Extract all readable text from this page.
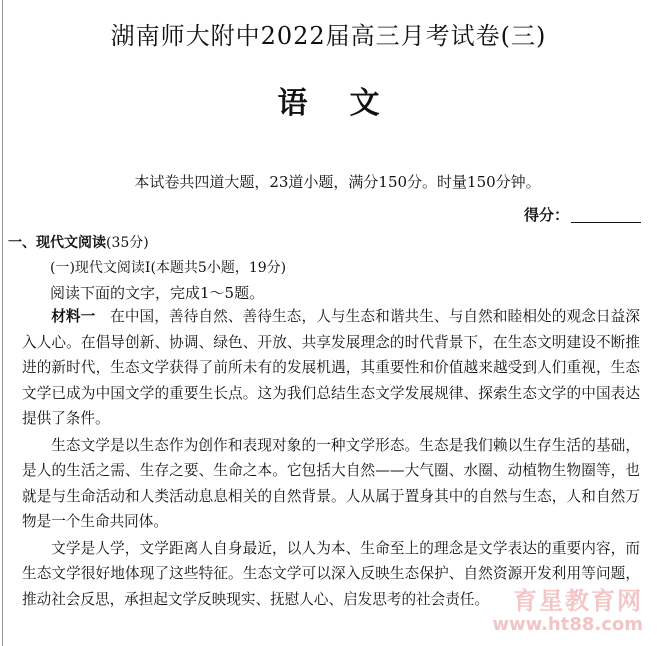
湖南师大附中2022届高三月考试卷(三)
语文
本试卷共四道大题，23道小题，满分150分。时量150分钟。
得分：
一、现代文阅读(35分)
(一)现代文阅读Ⅰ(本题共5小题，19分)
阅读下面的文字，完成1～5题。

材料一　 在中国，善待自然、善待生态，人与生态和谐共生、与自然和睦相处的观念日益深入人心。在倡导创新、协调、绿色、开放、共享发展理念的时代背景下，在生态文明建设不断推进的新时代，生态文学获得了前所未有的发展机遇，其重要性和价值越来越受到人们重视，生态文学已成为中国文学的重要生长点。这为我们总结生态文学发展规律、探索生态文学的中国表达提供了条件。

生态文学是以生态作为创作和表现对象的一种文学形态。生态是我们赖以生存生活的基础，是人的生活之需、生存之要、生命之本。它包括大自然——大气圈、水圈、动植物生物圈等，也就是与生命活动和人类活动息息相关的自然背景。人从属于置身其中的自然与生态，人和自然万物是一个生命共同体。

文学是人学，文学距离人自身最近，以人为本、生命至上的理念是文学表达的重要内容，而生态文学很好地体现了这些特征。生态文学可以深入反映生态保护、自然资源开发利用等问题，推动社会反思，承担起文学反映现实、抚慰人心、启发思考的社会责任。 育星教育网
www.ht88.com
